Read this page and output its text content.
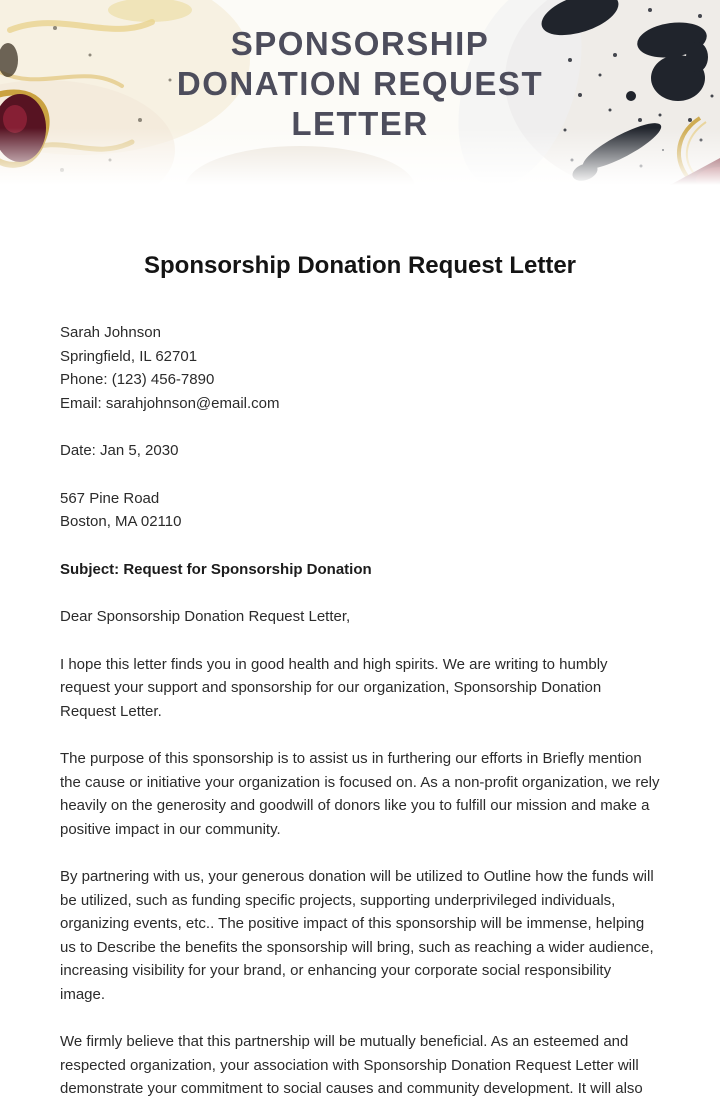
SPONSORSHIP
DONATION REQUEST
LETTER
Sponsorship Donation Request Letter
Sarah Johnson
Springfield, IL 62701
Phone: (123) 456-7890
Email: sarahjohnson@email.com
Date: Jan 5, 2030
567 Pine Road
Boston, MA 02110
Subject: Request for Sponsorship Donation
Dear Sponsorship Donation Request Letter,

I hope this letter finds you in good health and high spirits. We are writing to humbly request your support and sponsorship for our organization, Sponsorship Donation Request Letter.

The purpose of this sponsorship is to assist us in furthering our efforts in Briefly mention the cause or initiative your organization is focused on. As a non-profit organization, we rely heavily on the generosity and goodwill of donors like you to fulfill our mission and make a positive impact in our community.

By partnering with us, your generous donation will be utilized to Outline how the funds will be utilized, such as funding specific projects, supporting underprivileged individuals, organizing events, etc.. The positive impact of this sponsorship will be immense, helping us to Describe the benefits the sponsorship will bring, such as reaching a wider audience, increasing visibility for your brand, or enhancing your corporate social responsibility image.

We firmly believe that this partnership will be mutually beneficial. As an esteemed and respected organization, your association with Sponsorship Donation Request Letter will demonstrate your commitment to social causes and community development. It will also
